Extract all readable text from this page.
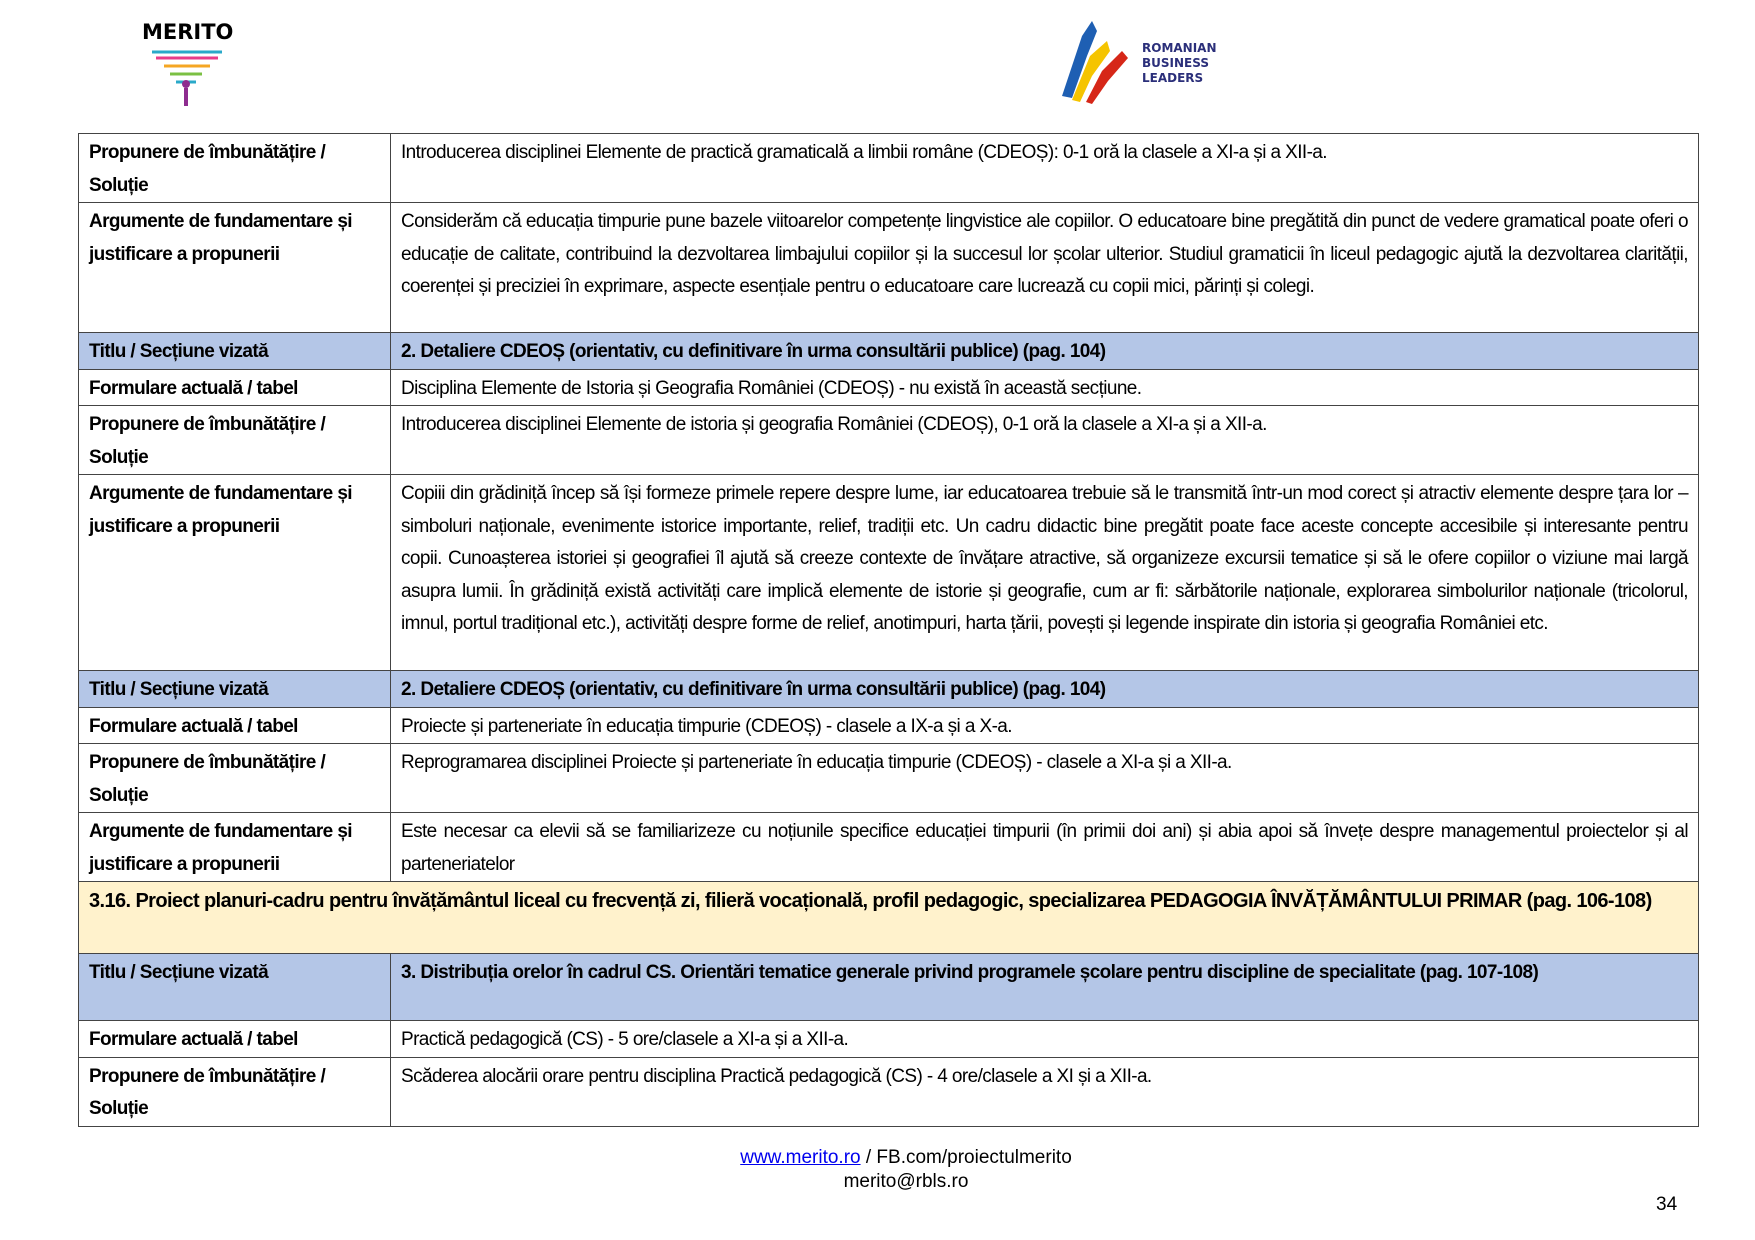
MERITO
ROMANIAN BUSINESS LEADERS
Propunere de îmbunătățire / Soluție	Introducerea disciplinei Elemente de practică gramaticală a limbii române (CDEOȘ): 0-1 oră la clasele a XI-a și a XII-a.
Argumente de fundamentare și justificare a propunerii	Considerăm că educația timpurie pune bazele viitoarelor competențe lingvistice ale copiilor. O educatoare bine pregătită din punct de vedere gramatical poate oferi o educație de calitate, contribuind la dezvoltarea limbajului copiilor și la succesul lor școlar ulterior. Studiul gramaticii în liceul pedagogic ajută la dezvoltarea clarității, coerenței și preciziei în exprimare, aspecte esențiale pentru o educatoare care lucrează cu copii mici, părinți și colegi.
Titlu / Secțiune vizată	2. Detaliere CDEOȘ (orientativ, cu definitivare în urma consultării publice) (pag. 104)
Formulare actuală / tabel	Disciplina Elemente de Istoria și Geografia României (CDEOȘ) - nu există în această secțiune.
Propunere de îmbunătățire / Soluție	Introducerea disciplinei Elemente de istoria și geografia României (CDEOȘ), 0-1 oră la clasele a XI-a și a XII-a.
Argumente de fundamentare și justificare a propunerii	Copiii din grădiniță încep să își formeze primele repere despre lume, iar educatoarea trebuie să le transmită într-un mod corect și atractiv elemente despre țara lor – simboluri naționale, evenimente istorice importante, relief, tradiții etc. Un cadru didactic bine pregătit poate face aceste concepte accesibile și interesante pentru copii. Cunoașterea istoriei și geografiei îl ajută să creeze contexte de învățare atractive, să organizeze excursii tematice și să le ofere copiilor o viziune mai largă asupra lumii. În grădiniță există activități care implică elemente de istorie și geografie, cum ar fi: sărbătorile naționale, explorarea simbolurilor naționale (tricolorul, imnul, portul tradițional etc.), activități despre forme de relief, anotimpuri, harta țării, povești și legende inspirate din istoria și geografia României etc.
Titlu / Secțiune vizată	2. Detaliere CDEOȘ (orientativ, cu definitivare în urma consultării publice) (pag. 104)
Formulare actuală / tabel	Proiecte și parteneriate în educația timpurie (CDEOȘ) - clasele a IX-a și a X-a.
Propunere de îmbunătățire / Soluție	Reprogramarea disciplinei Proiecte și parteneriate în educația timpurie (CDEOȘ) - clasele a XI-a și a XII-a.
Argumente de fundamentare și justificare a propunerii	Este necesar ca elevii să se familiarizeze cu noțiunile specifice educației timpurii (în primii doi ani) și abia apoi să învețe despre managementul proiectelor și al parteneriatelor
3.16. Proiect planuri-cadru pentru învățământul liceal cu frecvență zi, filieră vocațională, profil pedagogic, specializarea PEDAGOGIA ÎNVĂȚĂMÂNTULUI PRIMAR (pag. 106-108)	
Titlu / Secțiune vizată	3. Distribuția orelor în cadrul CS. Orientări tematice generale privind programele școlare pentru discipline de specialitate (pag. 107-108)
Formulare actuală / tabel	Practică pedagogică (CS) - 5 ore/clasele a XI-a și a XII-a.
Propunere de îmbunătățire / Soluție	Scăderea alocării orare pentru disciplina Practică pedagogică (CS) - 4 ore/clasele a XI și a XII-a.
www.merito.ro / FB.com/proiectulmerito
merito@rbls.ro
34
